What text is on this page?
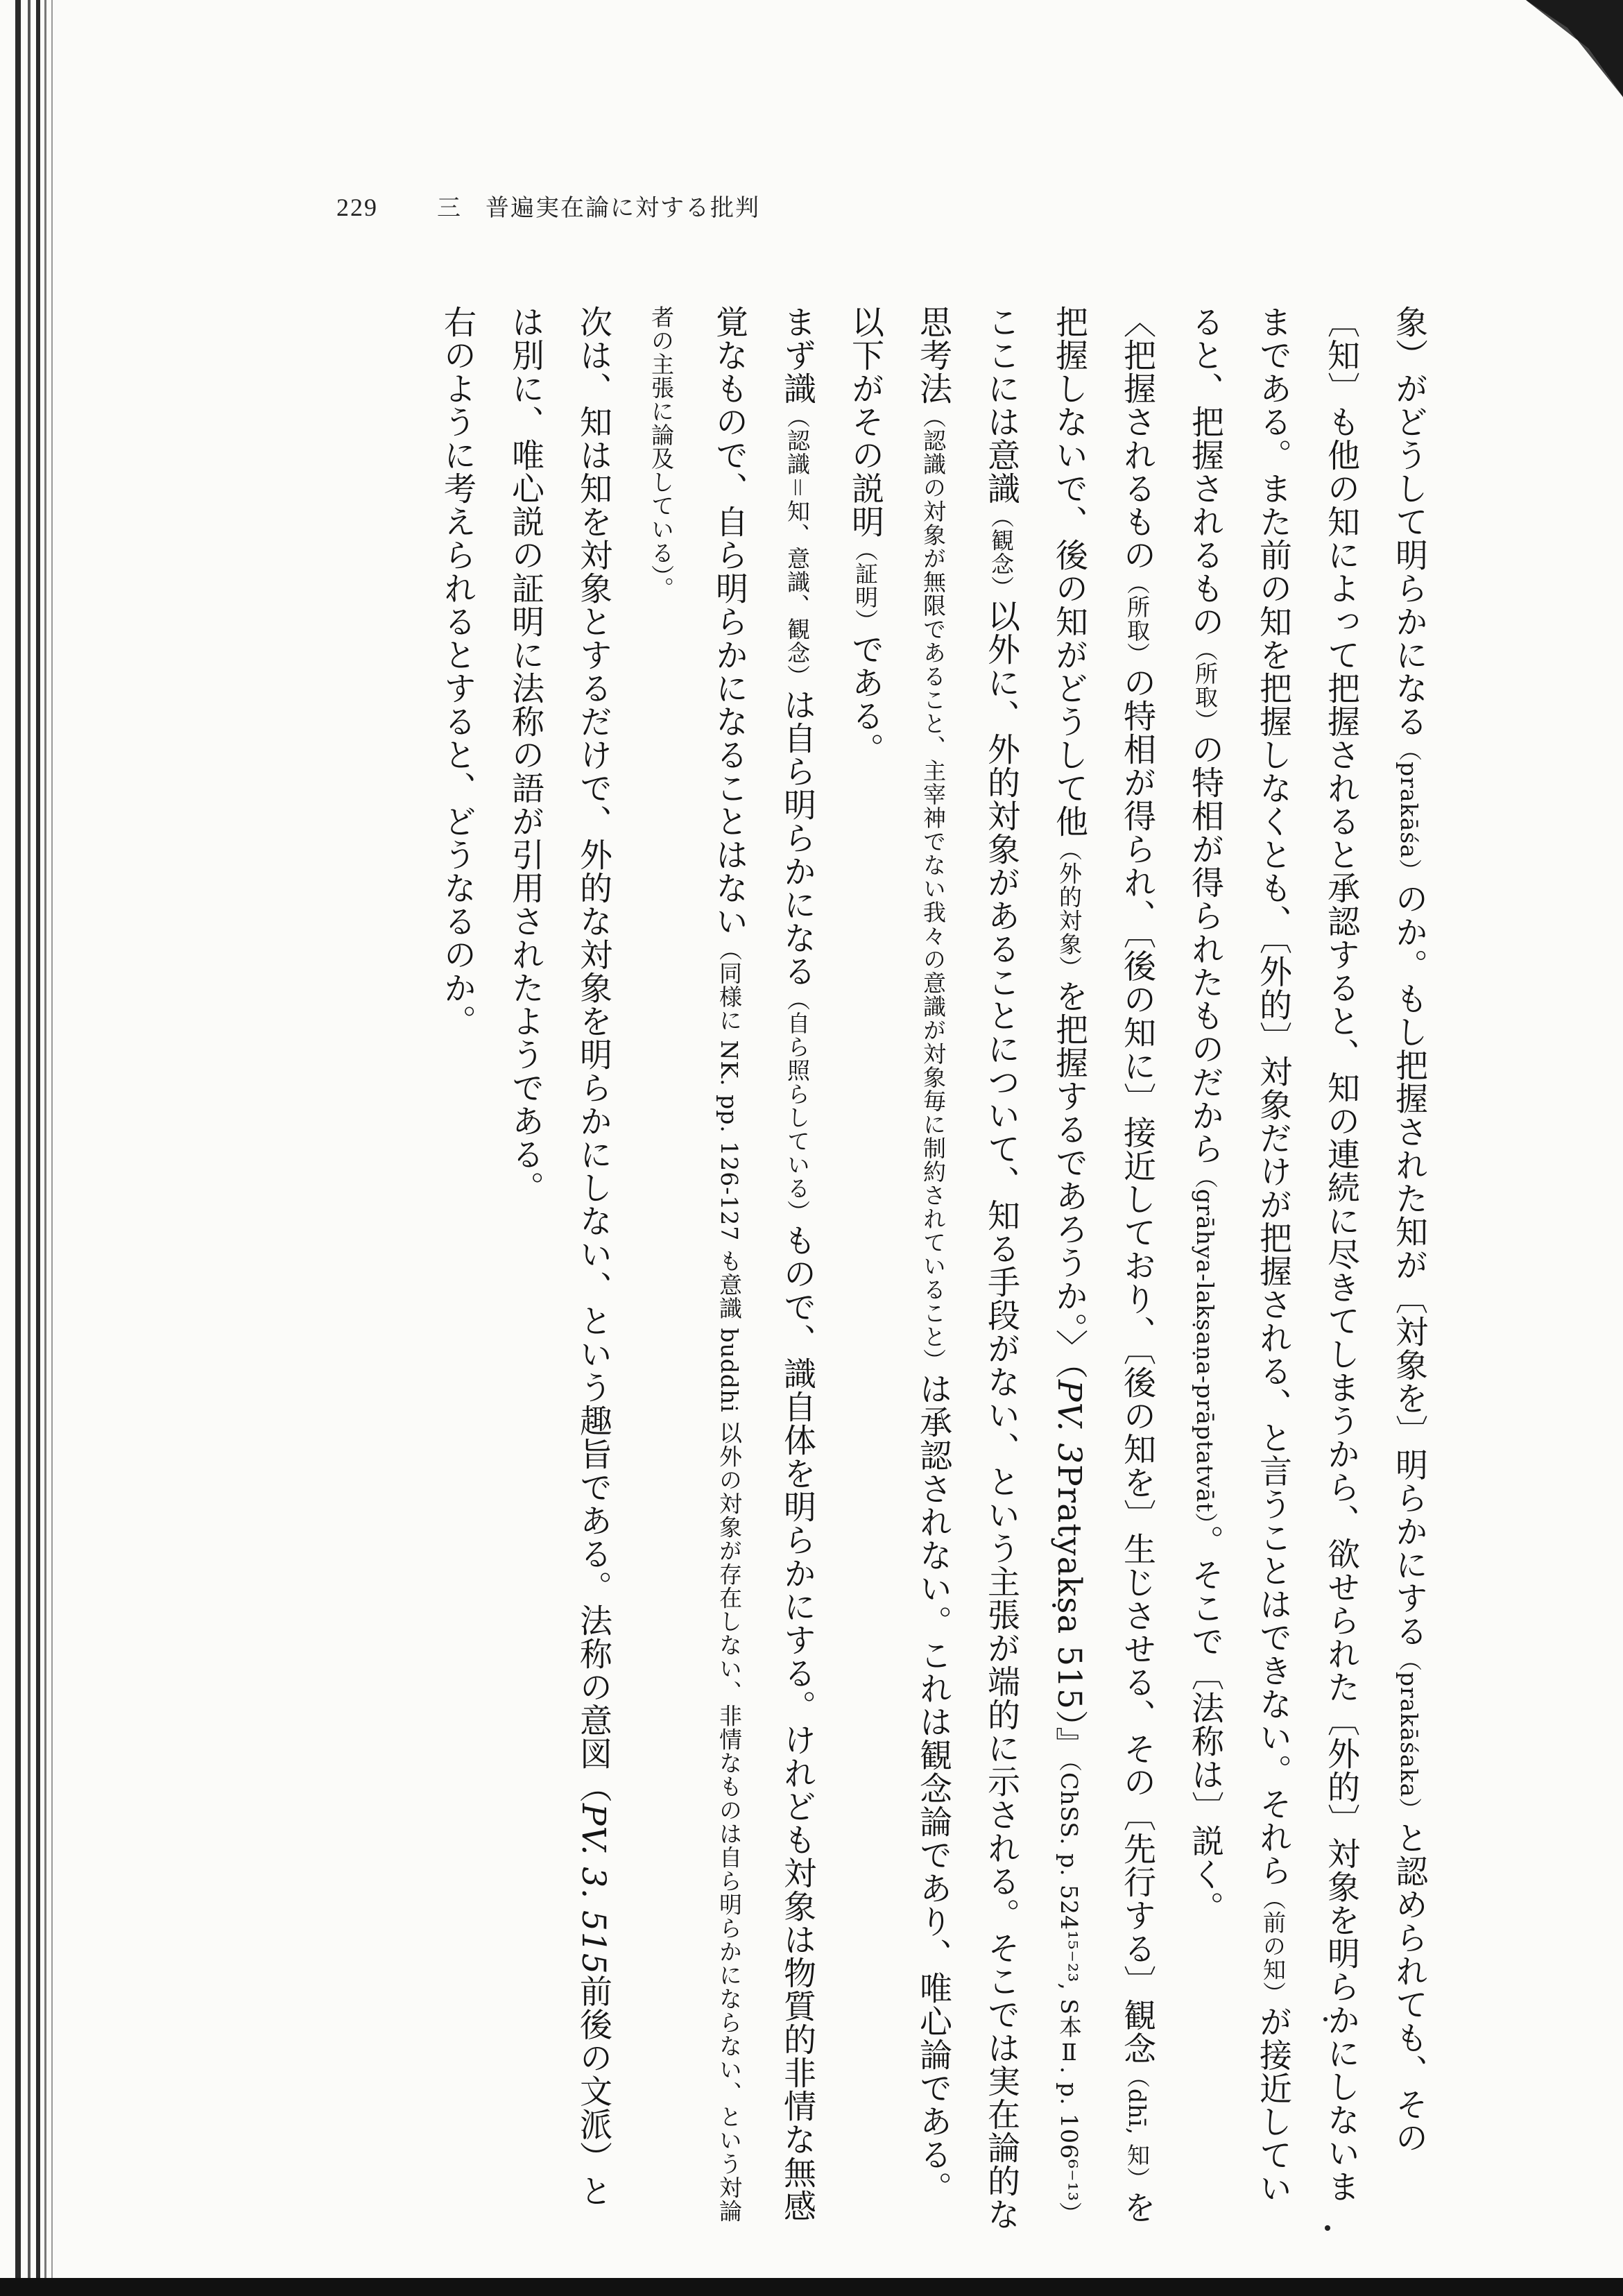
229	三 普遍実在論に対する批判

象）がどうして明らかになる（prakāśa）のか。もし把握された知が〔対象を〕明らかにする（prakāśaka）と認められても、その〔知〕も他の知によって把握されると承認すると、知の連続に尽きてしまうから、欲せられた〔外的〕対象を明らかにしないままである。また前の知を把握しなくとも、〔外的〕対象だけが把握される、と言うことはできない。それら（前の知）が接近していると、把握されるもの（所取）の特相が得られたものだから（grāhya-lakṣaṇa-prāptatvāt）。そこで〔法称は〕説く。

〈把握されるもの（所取）の特相が得られ、〔後の知に〕接近しており、〔後の知を〕生じさせる、その〔先行する〕観念（dhī, 知）を把握しないで、後の知がどうして他（外的対象）を把握するであろうか。〉（PV. 3Pratyakṣa 515）』（ChSS. p. 524¹⁵⁻²³, S本Ⅱ. p. 106⁶⁻¹³）

ここには意識（観念）以外に、外的対象があることについて、知る手段がない、という主張が端的に示される。そこでは実在論的な思考法（認識の対象が無限であること、主宰神でない我々の意識が対象毎に制約されていること）は承認されない。これは観念論であり、唯心論である。以下がその説明（証明）である。

まず識（認識＝知、意識、観念）は自ら明らかになる（自ら照らしている）もので、識自体を明らかにする。けれども対象は物質的非情な無感覚なもので、自ら明らかになることはない（同様に NK. pp. 126-127 も意識 buddhi 以外の対象が存在しない、非情なものは自ら明らかにならない、という対論者の主張に論及している）。

次は、知は知を対象とするだけで、外的な対象を明らかにしない、という趣旨である。法称の意図（PV. 3. 515前後の文派）とは別に、唯心説の証明に法称の語が引用されたようである。

右のように考えられるとすると、どうなるのか。
